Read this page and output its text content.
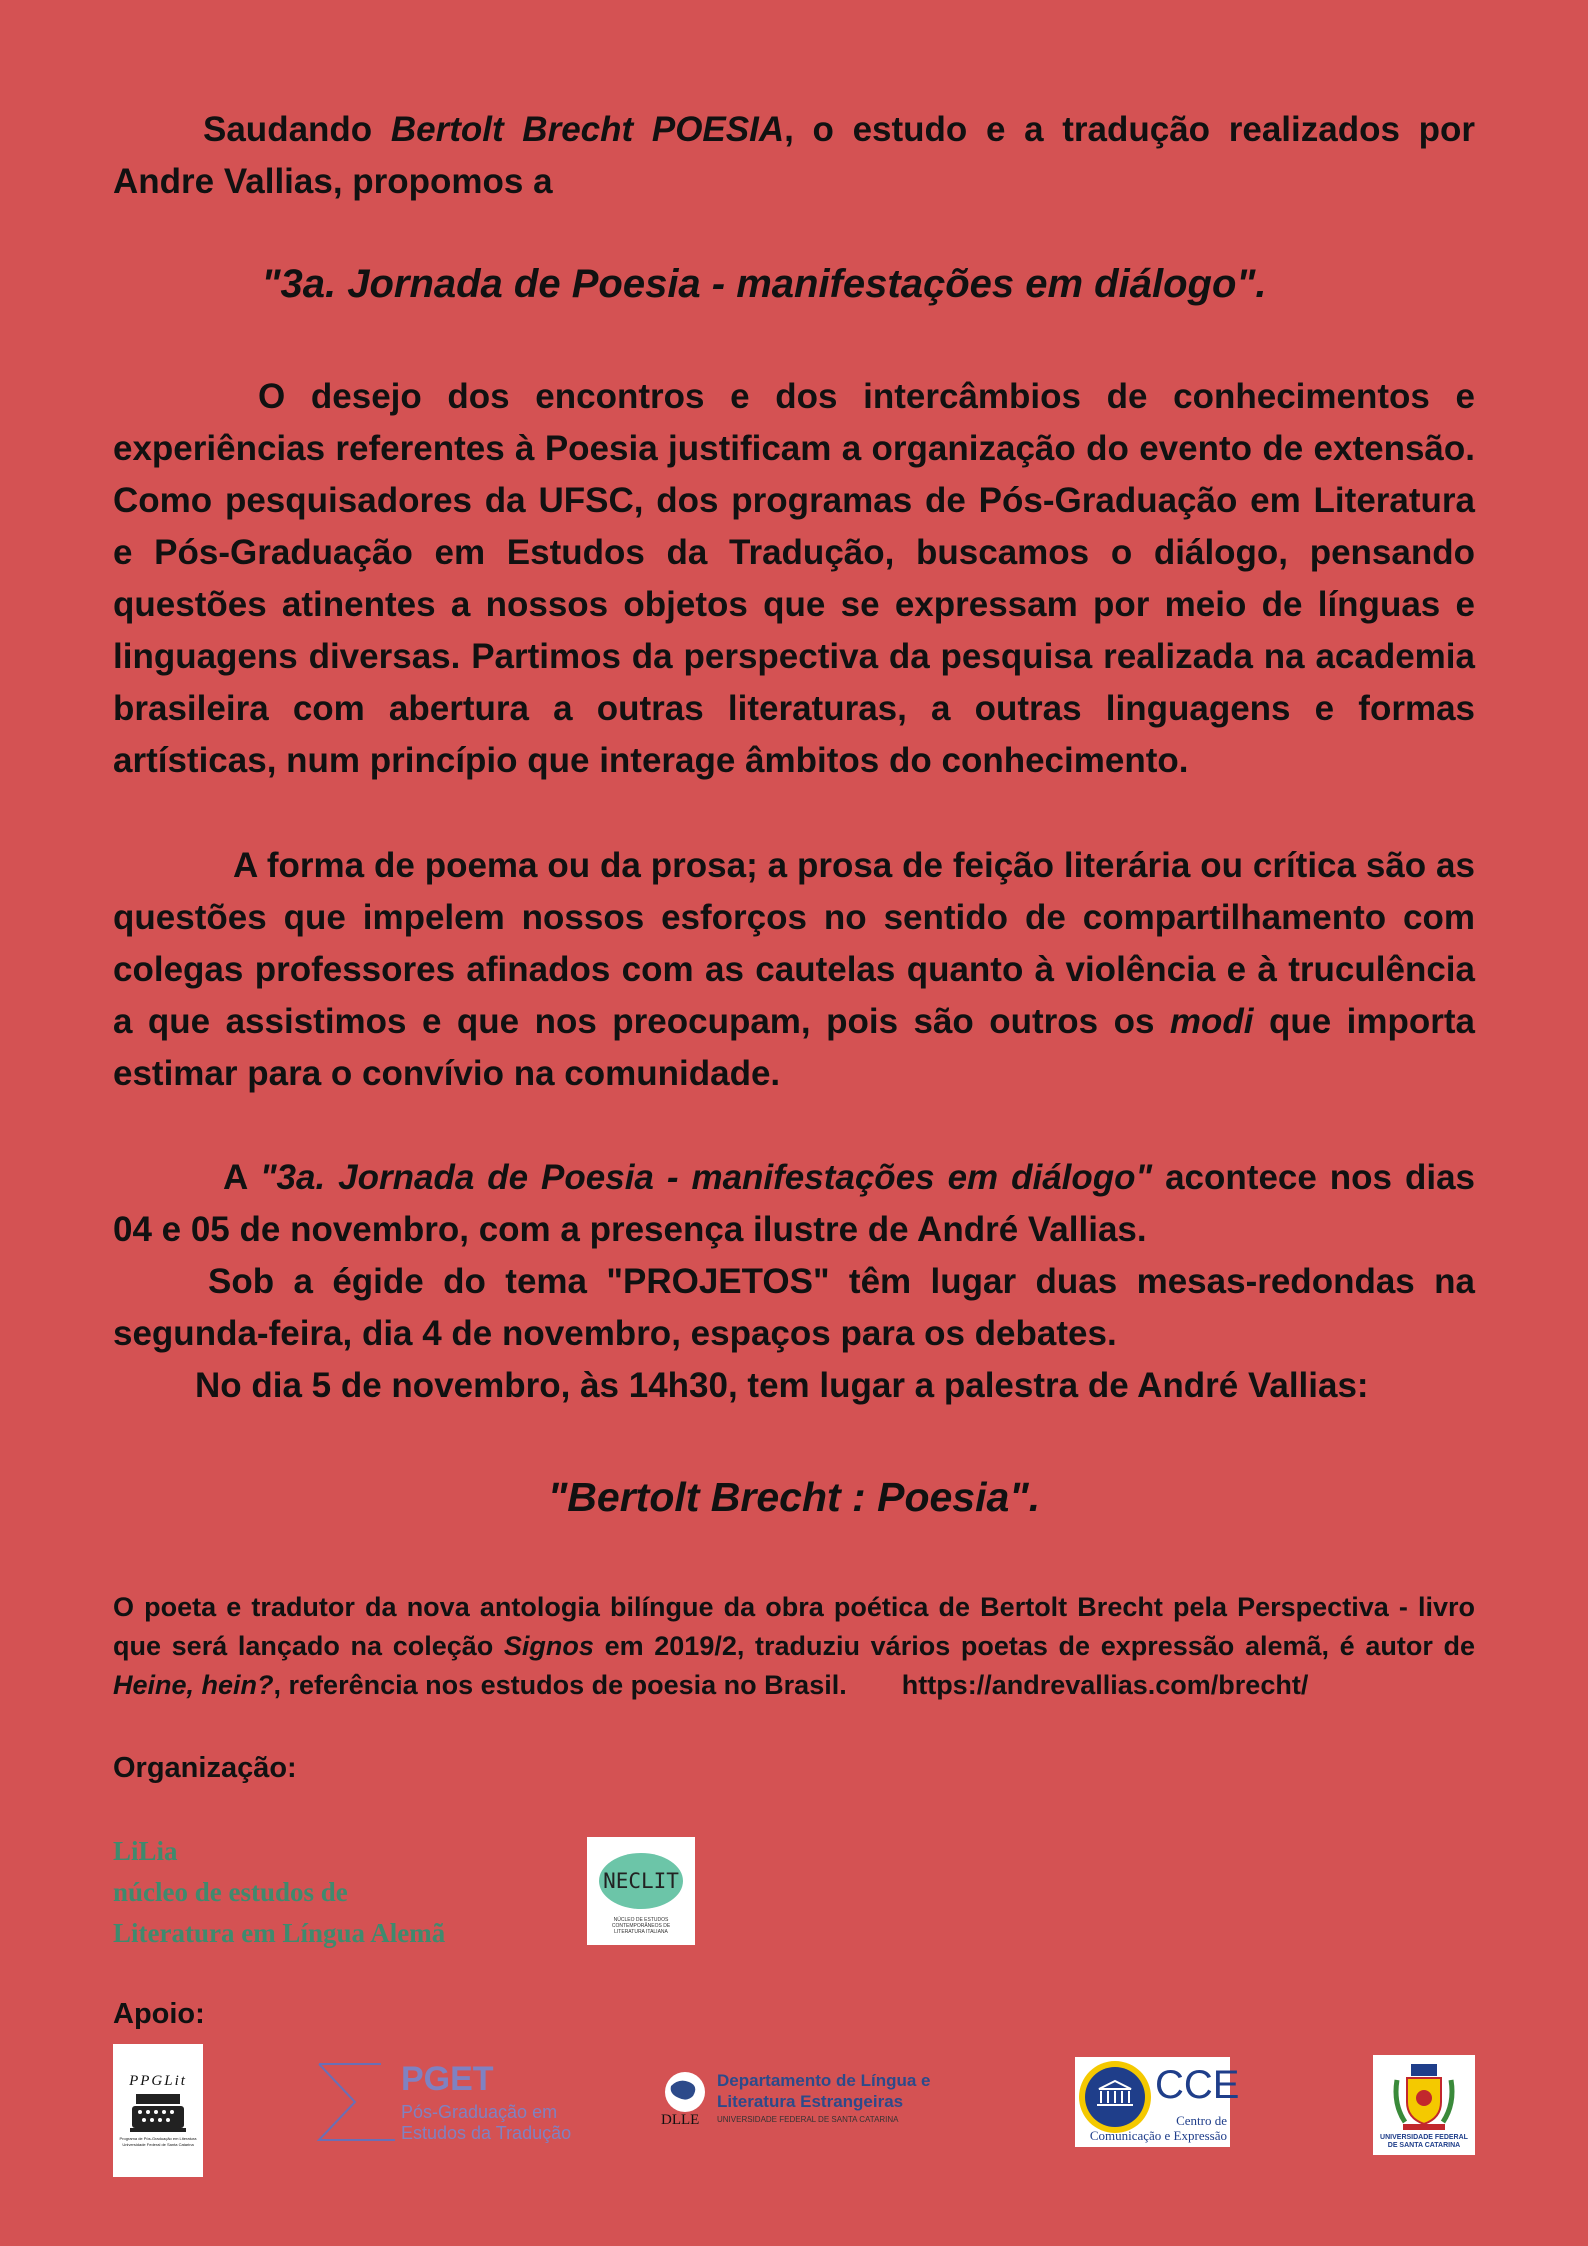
Saudando Bertolt Brecht POESIA, o estudo e a tradução realizados por Andre Vallias, propomos a

"3a. Jornada de Poesia - manifestações em diálogo".

O desejo dos encontros e dos intercâmbios de conhecimentos e experiências referentes à Poesia justificam a organização do evento de extensão. Como pesquisadores da UFSC, dos programas de Pós-Graduação em Literatura e Pós-Graduação em Estudos da Tradução, buscamos o diálogo, pensando questões atinentes a nossos objetos que se expressam por meio de línguas e linguagens diversas. Partimos da perspectiva da pesquisa realizada na academia brasileira com abertura a outras literaturas, a outras linguagens e formas artísticas, num princípio que interage âmbitos do conhecimento.

A forma de poema ou da prosa; a prosa de feição literária ou crítica são as questões que impelem nossos esforços no sentido de compartilhamento com colegas professores afinados com as cautelas quanto à violência e à truculência a que assistimos e que nos preocupam, pois são outros os modi que importa estimar para o convívio na comunidade.

A "3a. Jornada de Poesia - manifestações em diálogo" acontece nos dias 04 e 05 de novembro, com a presença ilustre de André Vallias.

Sob a égide do tema "PROJETOS" têm lugar duas mesas-redondas na segunda-feira, dia 4 de novembro, espaços para os debates.

No dia 5 de novembro, às 14h30, tem lugar a palestra de André Vallias:

"Bertolt Brecht : Poesia".

O poeta e tradutor da nova antologia bilíngue da obra poética de Bertolt Brecht pela Perspectiva - livro que será lançado na coleção Signos em 2019/2, traduziu vários poetas de expressão alemã, é autor de Heine, hein?, referência nos estudos de poesia no Brasil. https://andrevallias.com/brecht/

Organização:

LiLia
núcleo de estudos de
Literatura em Língua Alemã
NECLIT
NÚCLEO DE ESTUDOS CONTEMPORÂNEOS DE LITERATURA ITALIANA

Apoio:

PPGLit
Programa de Pós-Graduação em Literatura
Universidade Federal de Santa Catarina
PGET
Pós-Graduação em
Estudos da Tradução
DLLE
Departamento de Língua e
Literatura Estrangeiras
UNIVERSIDADE FEDERAL DE SANTA CATARINA
CCE
Centro de
Comunicação e Expressão	UNIVERSIDADE FEDERAL
DE SANTA CATARINA
